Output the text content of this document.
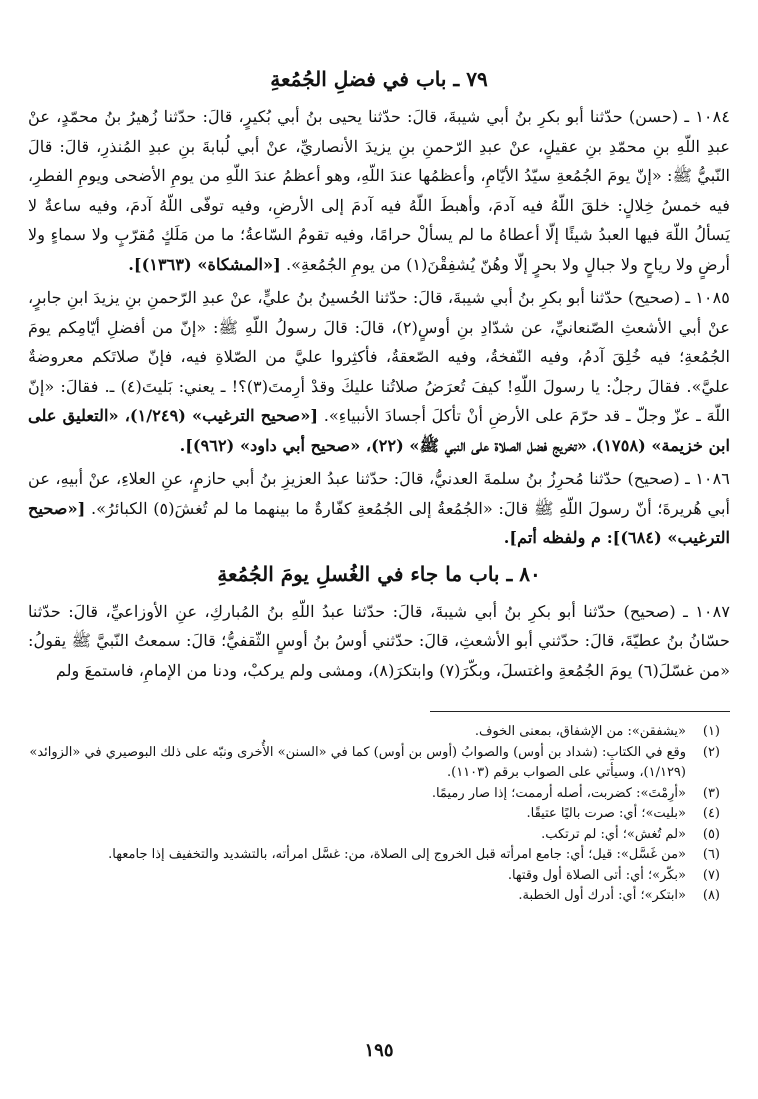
٧٩ ـ باب في فضلِ الجُمُعةِ

١٠٨٤ ـ (حسن) حدّثنا أبو بكرِ بنُ أبي شيبةَ، قالَ: حدّثنا يحيى بنُ أبي بُكيرٍ، قالَ: حدّثنا زُهيرُ بنُ محمّدٍ، عنْ عبدِ اللّهِ بنِ محمّدِ بنِ عقيلٍ، عنْ عبدِ الرّحمنِ بنِ يزيدَ الأنصاريِّ، عنْ أبي لُبابةَ بنِ عبدِ المُنذرِ، قالَ: قالَ النّبيُّ ﷺ: «إنّ يومَ الجُمُعةِ سيّدُ الأيّامِ، وأعظمُها عندَ اللّهِ، وهو أعظمُ عندَ اللّهِ من يومِ الأضحى ويومِ الفطرِ، فيه خمسُ خِلالٍ: خلقَ اللّهُ فيه آدمَ، وأهبطَ اللّهُ فيه آدمَ إلى الأرضِ، وفيه توفّى اللّهُ آدمَ، وفيه ساعةٌ لا يَسألُ اللّهَ فيها العبدُ شيئًا إلّا أعطاهُ ما لم يسألْ حرامًا، وفيه تقومُ السّاعةُ؛ ما من مَلَكٍ مُقرّبٍ ولا سماءٍ ولا أرضٍ ولا رياحٍ ولا جبالٍ ولا بحرٍ إلّا وهُنّ يُشفِقْنَ(١) من يومِ الجُمُعةِ». [«المشكاة» (١٣٦٣)].

١٠٨٥ ـ (صحيح) حدّثنا أبو بكرِ بنُ أبي شيبةَ، قالَ: حدّثنا الحُسينُ بنُ عليٍّ، عنْ عبدِ الرّحمنِ بنِ يزيدَ ابنِ جابرٍ، عنْ أبي الأشعثِ الصّنعانيِّ، عن شدّادِ بنِ أوسٍ(٢)، قالَ: قالَ رسولُ اللّهِ ﷺ: «إنّ من أفضلِ أيّامِكم يومَ الجُمُعةِ؛ فيه خُلِقَ آدمُ، وفيه النّفخةُ، وفيه الصّعقةُ، فأكثِروا عليَّ من الصّلاةِ فيه، فإنّ صلاتَكم معروضةٌ عليَّ». فقالَ رجلٌ: يا رسولَ اللّهِ! كيفَ تُعرَضُ صلاتُنا عليكَ وقدْ أرِمتَ(٣)؟! ـ يعني: بَليتَ(٤) ـ. فقالَ: «إنّ اللّهَ ـ عزّ وجلّ ـ قد حرّمَ على الأرضِ أنْ تأكلَ أجسادَ الأنبياءِ». [«صحيح الترغيب» (١/٢٤٩)، «التعليق على ابن خزيمة» (١٧٥٨)، «تخريج فضل الصلاة على النبي ﷺ» (٢٢)، «صحيح أبي داود» (٩٦٢)].

١٠٨٦ ـ (صحيح) حدّثنا مُحرِزُ بنُ سلمةَ العدنيُّ، قالَ: حدّثنا عبدُ العزيزِ بنُ أبي حازمٍ، عنِ العلاءِ، عنْ أبيهِ، عن أبي هُريرةَ؛ أنّ رسولَ اللّهِ ﷺ قالَ: «الجُمُعةُ إلى الجُمُعةِ كفّارةٌ ما بينهما ما لم تُغشَ(٥) الكبائرُ». [«صحيح الترغيب» (٦٨٤)]: م ولفظه أتم].

٨٠ ـ باب ما جاء في الغُسلِ يومَ الجُمُعةِ

١٠٨٧ ـ (صحيح) حدّثنا أبو بكرِ بنُ أبي شيبةَ، قالَ: حدّثنا عبدُ اللّهِ بنُ المُباركِ، عنِ الأوزاعيِّ، قالَ: حدّثنا حسّانُ بنُ عطيّةَ، قالَ: حدّثني أبو الأشعثِ، قالَ: حدّثني أوسُ بنُ أوسٍ الثّقفيُّ؛ قالَ: سمعتُ النّبيَّ ﷺ يقولُ: «من غسّلَ(٦) يومَ الجُمُعةِ واغتسلَ، وبكّرَ(٧) وابتكرَ(٨)، ومشى ولم يركبْ، ودنا من الإمامِ، فاستمعَ ولم

(١)
«يشفقن»: من الإشفاق، بمعنى الخوف.
(٢)
وقع في الكتابِ: (شداد بن أوس) والصوابُ (أوس بن أوس) كما في «السنن» الأُخرى ونبّه على ذلك البوصيري في «الزوائد» (١/١٢٩)، وسيأتي على الصواب برقم (١١٠٣).
(٣)
«أرِمْتَ»: كضربت، أصله أرممت؛ إذا صار رميمًا.
(٤)
«بليت»؛ أي: صرت باليًا عتيقًا.
(٥)
«لم تُغش»؛ أي: لم ترتكب.
(٦)
«من غَسَّل»: قيل؛ أي: جامع امرأته قبل الخروج إلى الصلاة، من: غسَّل امرأته، بالتشديد والتخفيف إذا جامعها.
(٧)
«بكّر»؛ أي: أتى الصلاة أول وقتها.
(٨)
«ابتكر»؛ أي: أدرك أول الخطبة.
١٩٥
